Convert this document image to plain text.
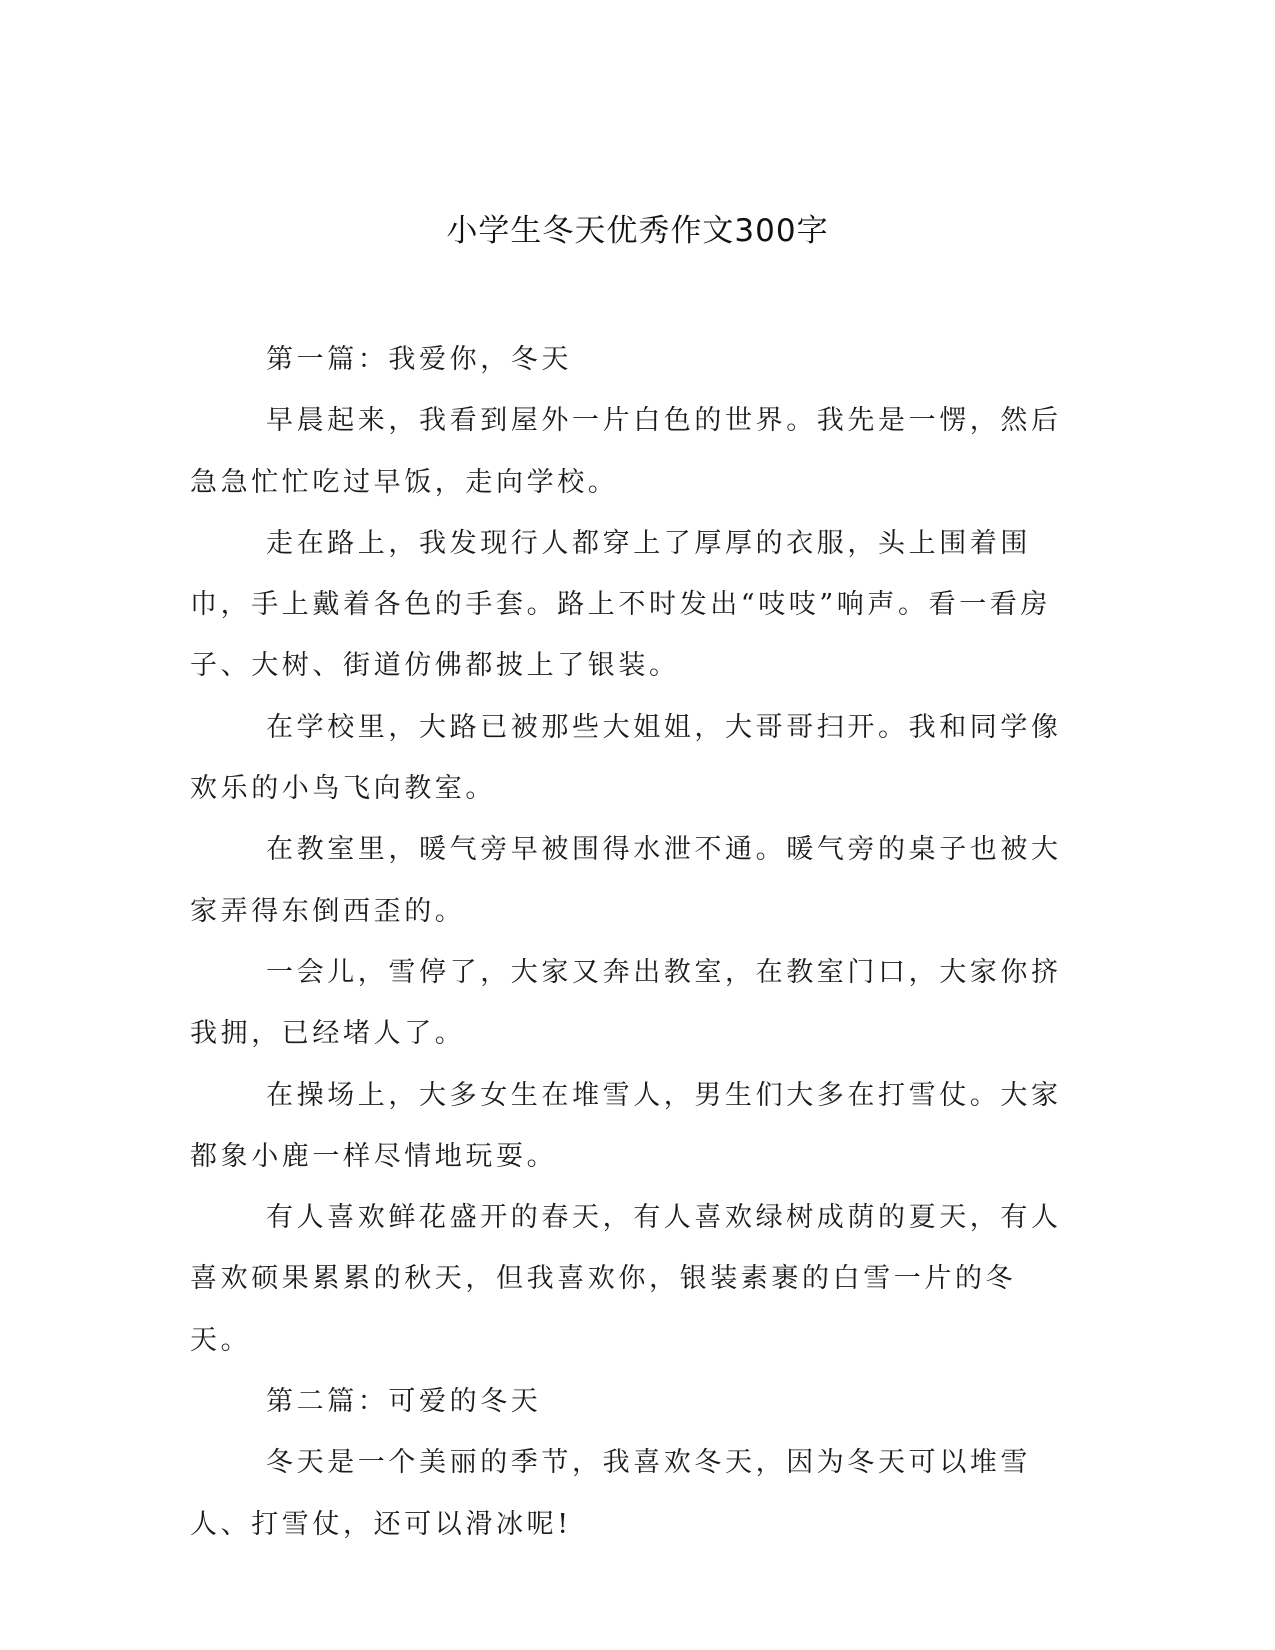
小学生冬天优秀作文300字

第一篇：我爱你，冬天

早晨起来，我看到屋外一片白色的世界。我先是一愣，然后急急忙忙吃过早饭，走向学校。

走在路上，我发现行人都穿上了厚厚的衣服，头上围着围巾，手上戴着各色的手套。路上不时发出“吱吱”响声。看一看房子、大树、街道仿佛都披上了银装。

在学校里，大路已被那些大姐姐，大哥哥扫开。我和同学像欢乐的小鸟飞向教室。

在教室里，暖气旁早被围得水泄不通。暖气旁的桌子也被大家弄得东倒西歪的。

一会儿，雪停了，大家又奔出教室，在教室门口，大家你挤我拥，已经堵人了。

在操场上，大多女生在堆雪人，男生们大多在打雪仗。大家都象小鹿一样尽情地玩耍。

有人喜欢鲜花盛开的春天，有人喜欢绿树成荫的夏天，有人喜欢硕果累累的秋天，但我喜欢你，银装素裹的白雪一片的冬天。

第二篇：可爱的冬天

冬天是一个美丽的季节，我喜欢冬天，因为冬天可以堆雪人、打雪仗，还可以滑冰呢!
